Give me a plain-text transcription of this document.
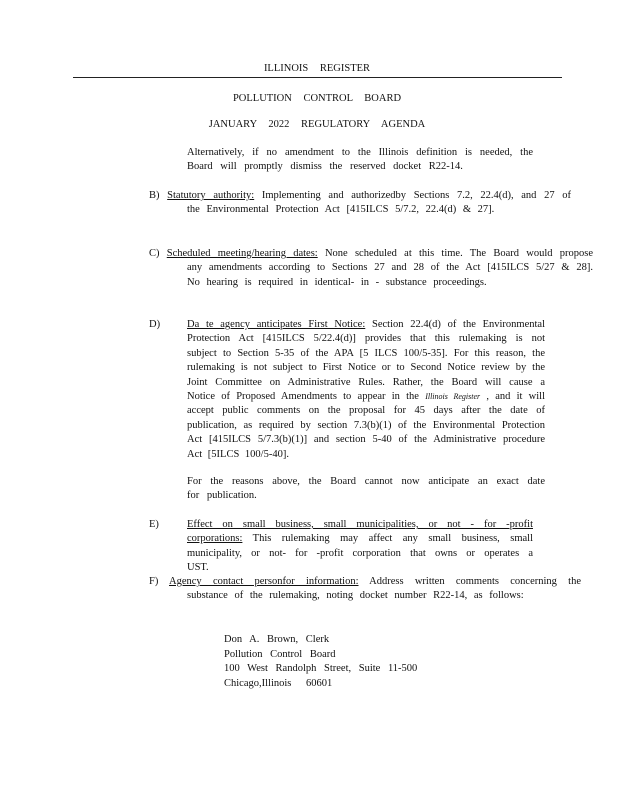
ILLINOIS REGISTER
POLLUTION CONTROL BOARD
JANUARY 2022 REGULATORY AGENDA
Alternatively, if no amendment to the Illinois definition is needed, the Board will promptly dismiss the reserved docket R22-14.
B) Statutory authority: Implementing and authorizedby Sections 7.2, 22.4(d), and 27 of the Environmental Protection Act [415ILCS 5/7.2, 22.4(d) & 27].
C) Scheduled meeting/hearing dates: None scheduled at this time. The Board would propose any amendments according to Sections 27 and 28 of the Act [415ILCS 5/27 & 28]. No hearing is required in identical- in - substance proceedings.
D)	Da te agency anticipates First Notice: Section 22.4(d) of the Environmental Protection Act [415ILCS 5/22.4(d)] provides that this rulemaking is not subject to Section 5-35 of the APA [5 ILCS 100/5-35]. For this reason, the rulemaking is not subject to First Notice or to Second Notice review by the Joint Committee on Administrative Rules. Rather, the Board will cause a Notice of Proposed Amendments to appear in the Illinois Register , and it will accept public comments on the proposal for 45 days after the date of publication, as required by section 7.3(b)(1) of the Environmental Protection Act [415ILCS 5/7.3(b)(1)] and section 5-40 of the Administrative procedure Act [5ILCS 100/5-40].
For the reasons above, the Board cannot now anticipate an exact date for publication.
E)	Effect on small business, small municipalities, or not - for -profit corporations: This rulemaking may affect any small business, small municipality, or not- for -profit corporation that owns or operates a UST.
F) Agency contact personfor information: Address written comments concerning the substance of the rulemaking, noting docket number R22-14, as follows:
Don A. Brown, Clerk
Pollution Control Board
100 West Randolph Street, Suite 11-500
Chicago,Illinois 60601
